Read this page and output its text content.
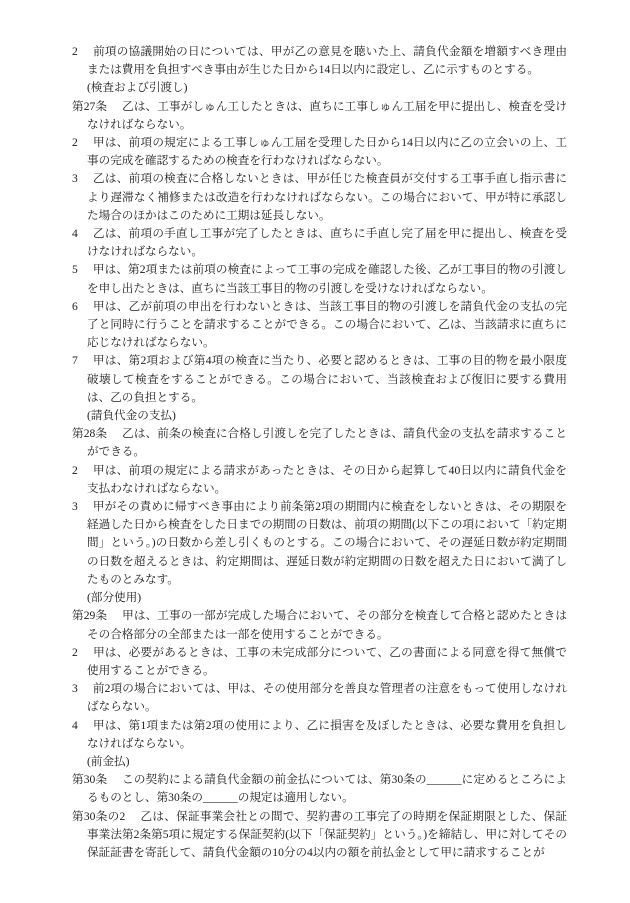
2 前項の協議開始の日については、甲が乙の意見を聴いた上、請負代金額を増額すべき理由または費用を負担すべき事由が生じた日から14日以内に設定し、乙に示すものとする。

(検査および引渡し)

第27条 乙は、工事がしゅん工したときは、直ちに工事しゅん工届を甲に提出し、検査を受けなければならない。

2 甲は、前項の規定による工事しゅん工届を受理した日から14日以内に乙の立会いの上、工事の完成を確認するための検査を行わなければならない。

3 乙は、前項の検査に合格しないときは、甲が任じた検査員が交付する工事手直し指示書により遅滞なく補修または改造を行わなければならない。この場合において、甲が特に承認した場合のほかはこのために工期は延長しない。

4 乙は、前項の手直し工事が完了したときは、直ちに手直し完了届を甲に提出し、検査を受けなければならない。

5 甲は、第2項または前項の検査によって工事の完成を確認した後、乙が工事目的物の引渡しを申し出たときは、直ちに当該工事目的物の引渡しを受けなければならない。

6 甲は、乙が前項の申出を行わないときは、当該工事目的物の引渡しを請負代金の支払の完了と同時に行うことを請求することができる。この場合において、乙は、当該請求に直ちに応じなければならない。

7 甲は、第2項および第4項の検査に当たり、必要と認めるときは、工事の目的物を最小限度破壊して検査をすることができる。この場合において、当該検査および復旧に要する費用は、乙の負担とする。

(請負代金の支払)

第28条 乙は、前条の検査に合格し引渡しを完了したときは、請負代金の支払を請求することができる。

2 甲は、前項の規定による請求があったときは、その日から起算して40日以内に請負代金を支払わなければならない。

3 甲がその責めに帰すべき事由により前条第2項の期間内に検査をしないときは、その期限を経過した日から検査をした日までの期間の日数は、前項の期間(以下この項において「約定期間」という。)の日数から差し引くものとする。この場合において、その遅延日数が約定期間の日数を超えるときは、約定期間は、遅延日数が約定期間の日数を超えた日において満了したものとみなす。

(部分使用)

第29条 甲は、工事の一部が完成した場合において、その部分を検査して合格と認めたときはその合格部分の全部または一部を使用することができる。

2 甲は、必要があるときは、工事の未完成部分について、乙の書面による同意を得て無償で使用することができる。

3 前2項の場合においては、甲は、その使用部分を善良な管理者の注意をもって使用しなければならない。

4 甲は、第1項または第2項の使用により、乙に損害を及ぼしたときは、必要な費用を負担しなければならない。

(前金払)

第30条 この契約による請負代金額の前金払については、第30条の______に定めるところによるものとし、第30条の______の規定は適用しない。

第30条の2 乙は、保証事業会社との間で、契約書の工事完了の時期を保証期限とした、保証事業法第2条第5項に規定する保証契約(以下「保証契約」という。)を締結し、甲に対してその保証証書を寄託して、請負代金額の10分の4以内の額を前払金として甲に請求することが
